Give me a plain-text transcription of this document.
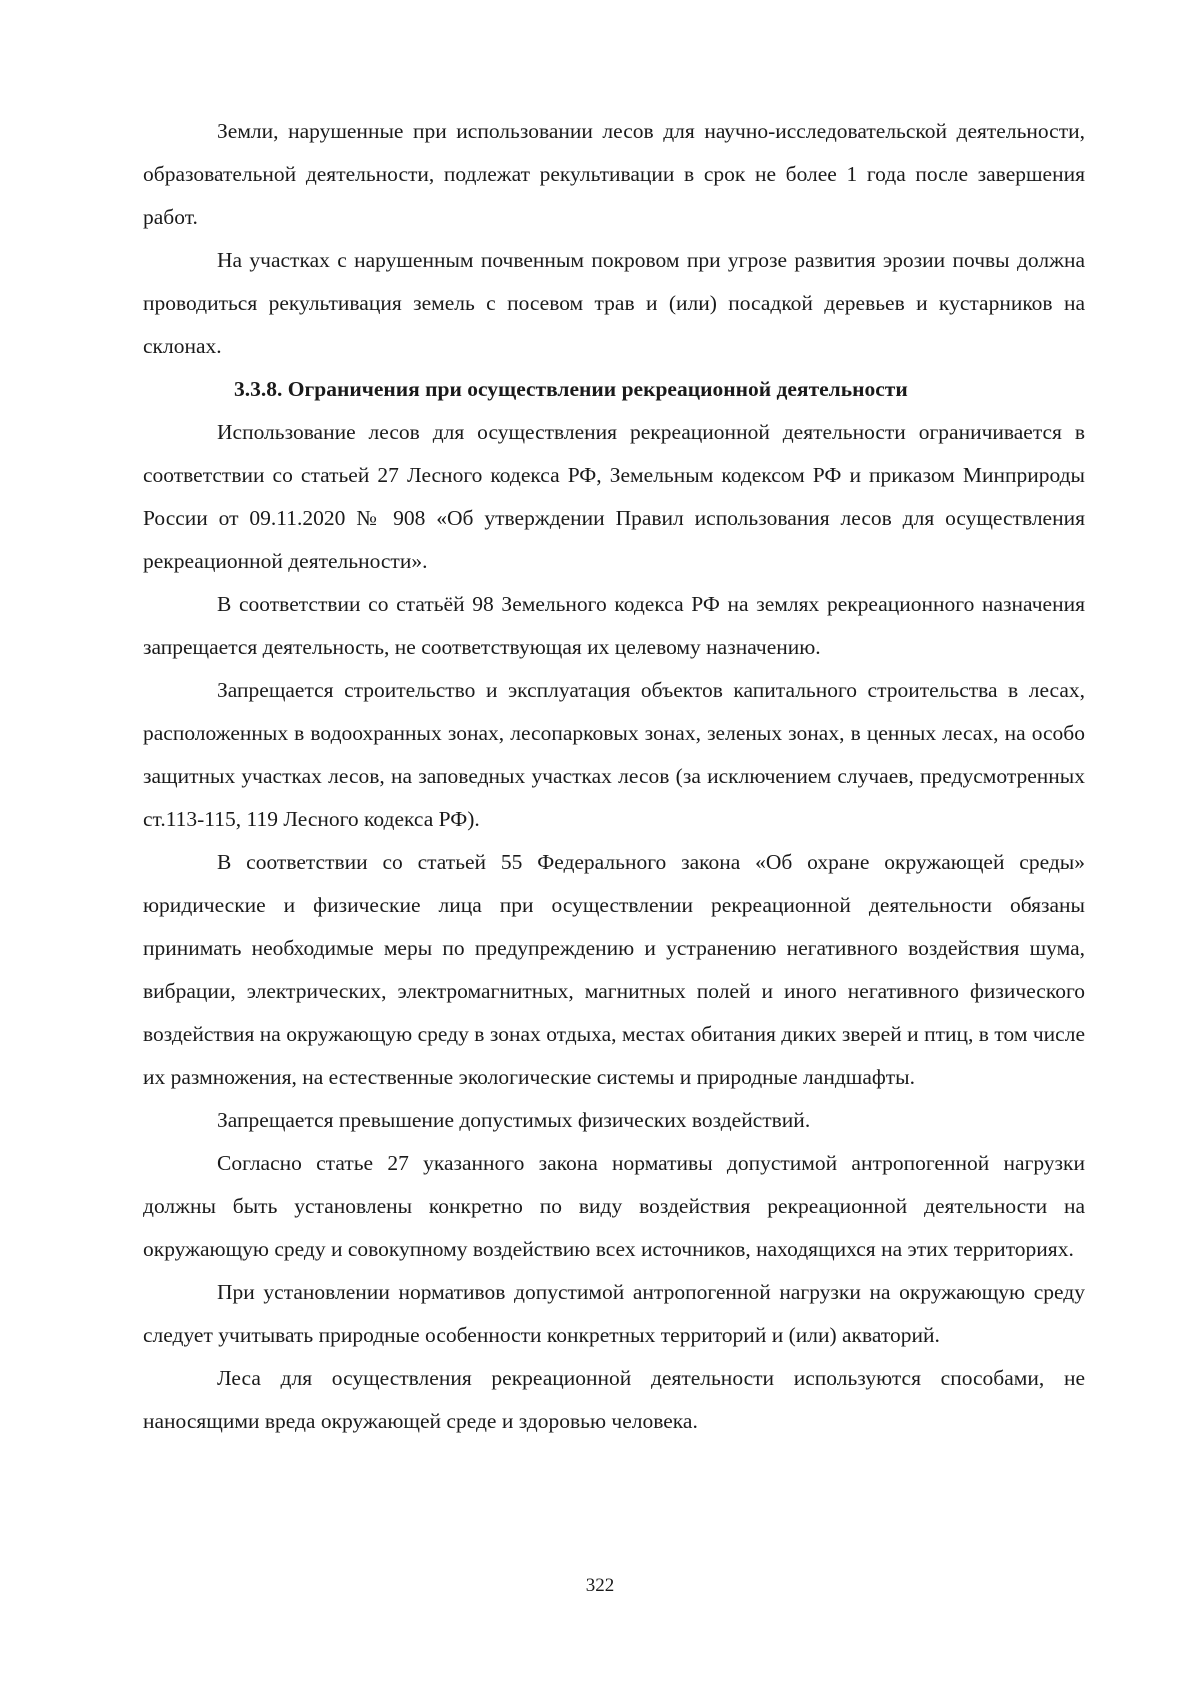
Земли, нарушенные при использовании лесов для научно-исследовательской деятельности, образовательной деятельности, подлежат рекультивации в срок не более 1 года после завершения работ.

На участках с нарушенным почвенным покровом при угрозе развития эрозии почвы должна проводиться рекультивация земель с посевом трав и (или) посадкой деревьев и кустарников на склонах.

3.3.8. Ограничения при осуществлении рекреационной деятельности

Использование лесов для осуществления рекреационной деятельности ограничивается в соответствии со статьей 27 Лесного кодекса РФ, Земельным кодексом РФ и приказом Минприроды России от 09.11.2020 № 908 «Об утверждении Правил использования лесов для осуществления рекреационной деятельности».

В соответствии со статьёй 98 Земельного кодекса РФ на землях рекреационного назначения запрещается деятельность, не соответствующая их целевому назначению.

Запрещается строительство и эксплуатация объектов капитального строительства в лесах, расположенных в водоохранных зонах, лесопарковых зонах, зеленых зонах, в ценных лесах, на особо защитных участках лесов, на заповедных участках лесов (за исключением случаев, предусмотренных ст.113-115, 119 Лесного кодекса РФ).

В соответствии со статьей 55 Федерального закона «Об охране окружающей среды» юридические и физические лица при осуществлении рекреационной деятельности обязаны принимать необходимые меры по предупреждению и устранению негативного воздействия шума, вибрации, электрических, электромагнитных, магнитных полей и иного негативного физического воздействия на окружающую среду в зонах отдыха, местах обитания диких зверей и птиц, в том числе их размножения, на естественные экологические системы и природные ландшафты.

Запрещается превышение допустимых физических воздействий.

Согласно статье 27 указанного закона нормативы допустимой антропогенной нагрузки должны быть установлены конкретно по виду воздействия рекреационной деятельности на окружающую среду и совокупному воздействию всех источников, находящихся на этих территориях.

При установлении нормативов допустимой антропогенной нагрузки на окружающую среду следует учитывать природные особенности конкретных территорий и (или) акваторий.

Леса для осуществления рекреационной деятельности используются способами, не наносящими вреда окружающей среде и здоровью человека.

322
